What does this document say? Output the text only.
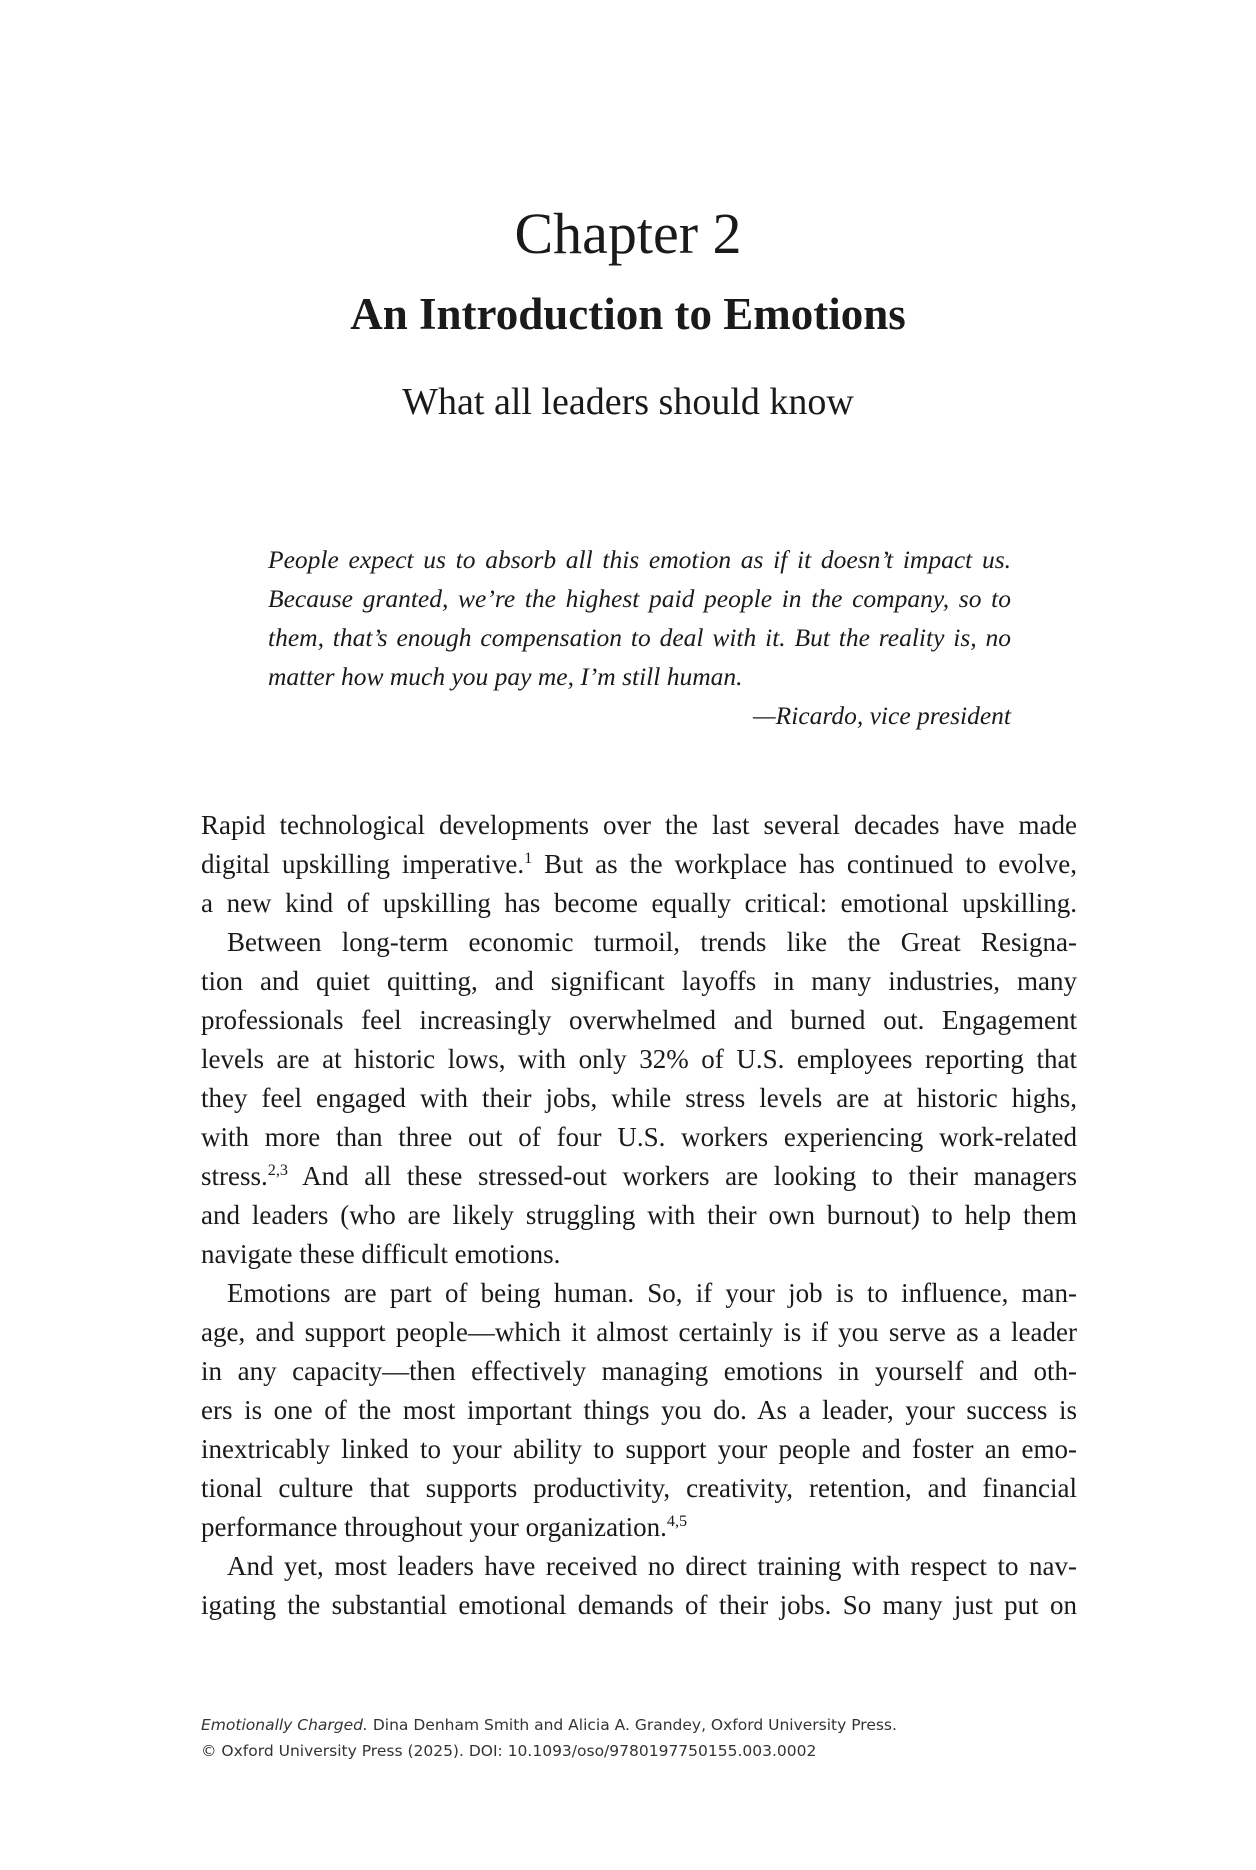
Chapter 2
An Introduction to Emotions
What all leaders should know
People expect us to absorb all this emotion as if it doesn’t impact us.
Because granted, we’re the highest paid people in the company, so to
them, that’s enough compensation to deal with it. But the reality is, no
matter how much you pay me, I’m still human.
—Ricardo, vice president
Rapid technological developments over the last several decades have made
digital upskilling imperative.$^1$ But as the workplace has continued to evolve,
a new kind of upskilling has become equally critical: emotional upskilling.
Between long-term economic turmoil, trends like the Great Resigna-
tion and quiet quitting, and significant layoffs in many industries, many
professionals feel increasingly overwhelmed and burned out. Engagement
levels are at historic lows, with only 32% of U.S. employees reporting that
they feel engaged with their jobs, while stress levels are at historic highs,
with more than three out of four U.S. workers experiencing work-related
stress.$^{2,3}$ And all these stressed-out workers are looking to their managers
and leaders (who are likely struggling with their own burnout) to help them
navigate these difficult emotions.
Emotions are part of being human. So, if your job is to influence, man-
age, and support people—which it almost certainly is if you serve as a leader
in any capacity—then effectively managing emotions in yourself and oth-
ers is one of the most important things you do. As a leader, your success is
inextricably linked to your ability to support your people and foster an emo-
tional culture that supports productivity, creativity, retention, and financial
performance throughout your organization.$^{4,5}$
And yet, most leaders have received no direct training with respect to nav-
igating the substantial emotional demands of their jobs. So many just put on
Emotionally Charged. Dina Denham Smith and Alicia A. Grandey, Oxford University Press.
© Oxford University Press (2025). DOI: 10.1093/oso/9780197750155.003.0002
